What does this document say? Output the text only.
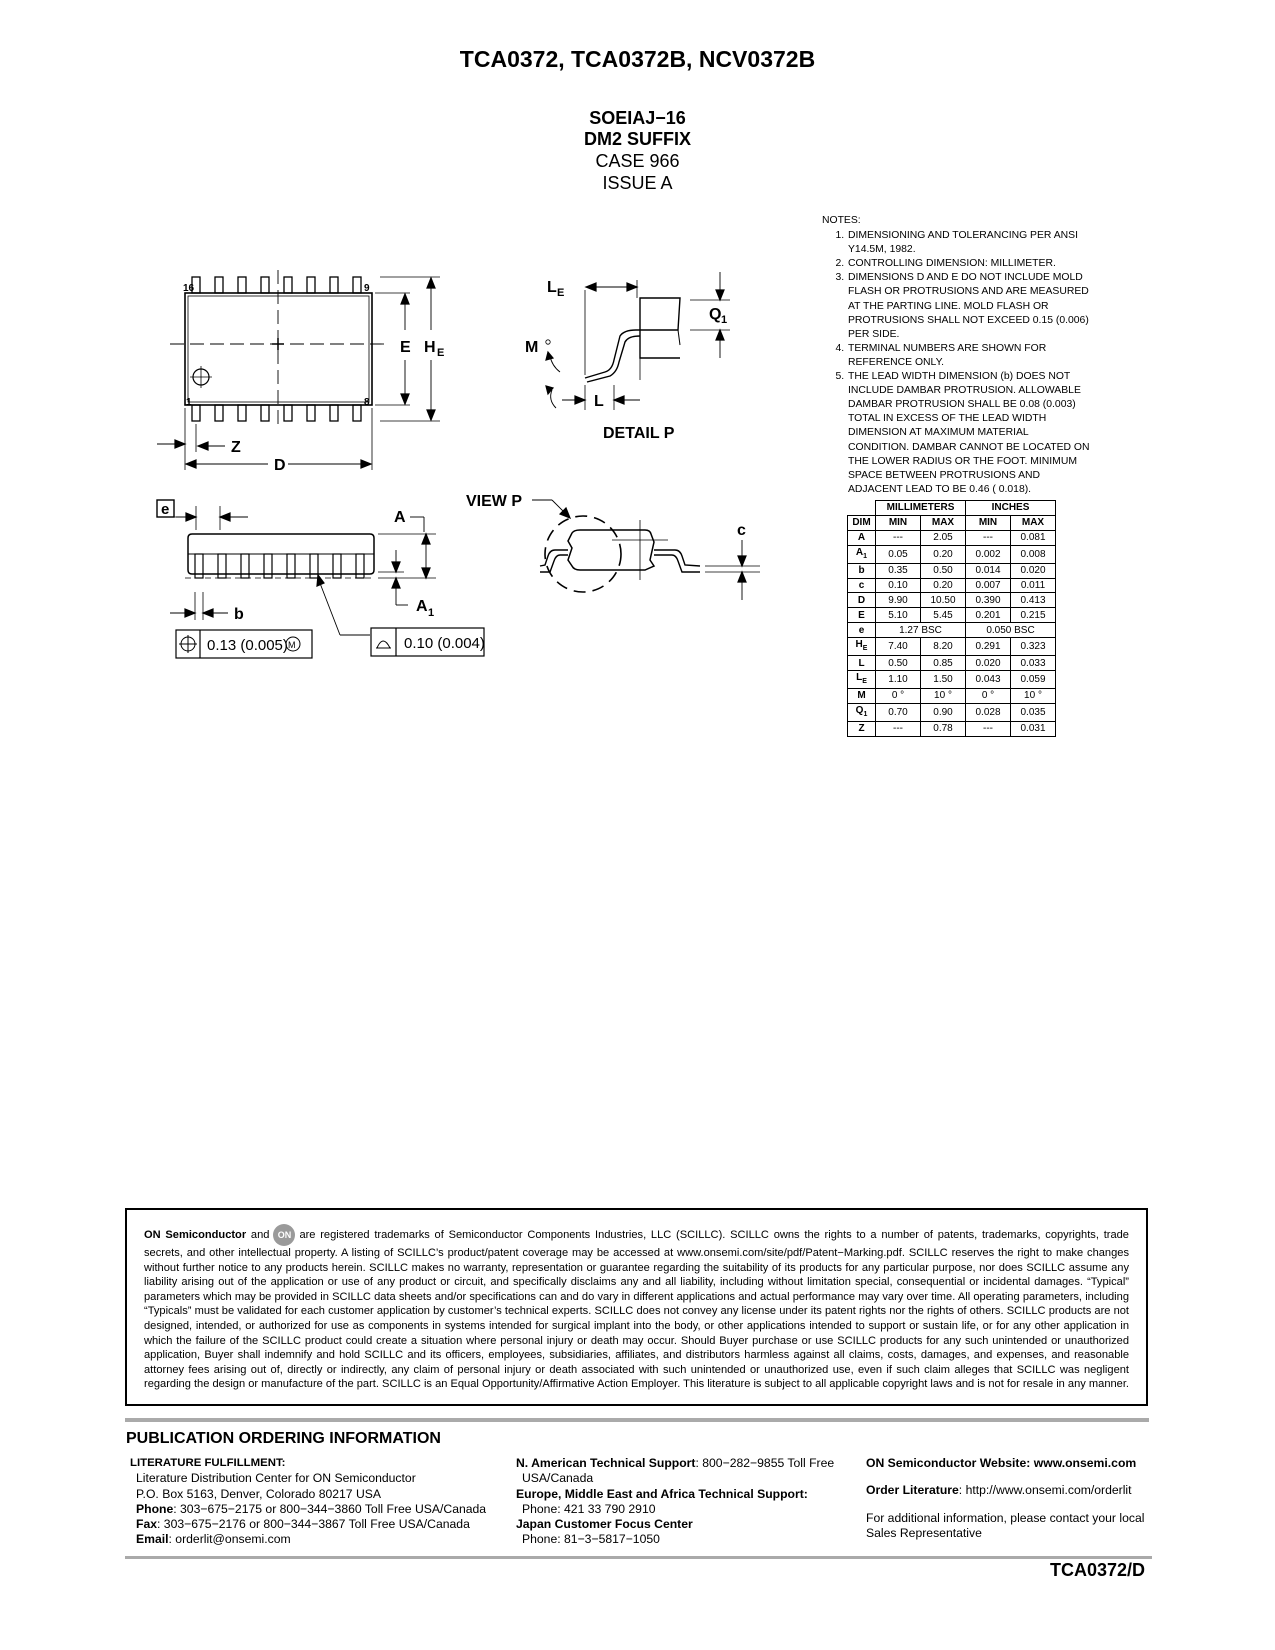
TCA0372, TCA0372B, NCV0372B
SOEIAJ−16
DM2 SUFFIX
CASE 966
ISSUE A
16	9
1	8
E H E
Z
D
L E
Q 1
M
L
DETAIL P
e	A
A 1
b
0.13 (0.005) M	0.10 (0.004)
VIEW P
c
NOTES:
1. DIMENSIONING AND TOLERANCING PER ANSI Y14.5M, 1982.
2. CONTROLLING DIMENSION: MILLIMETER.
3. DIMENSIONS D AND E DO NOT INCLUDE MOLD FLASH OR PROTRUSIONS AND ARE MEASURED AT THE PARTING LINE. MOLD FLASH OR PROTRUSIONS SHALL NOT EXCEED 0.15 (0.006) PER SIDE.
4. TERMINAL NUMBERS ARE SHOWN FOR REFERENCE ONLY.
5. THE LEAD WIDTH DIMENSION (b) DOES NOT INCLUDE DAMBAR PROTRUSION. ALLOWABLE DAMBAR PROTRUSION SHALL BE 0.08 (0.003) TOTAL IN EXCESS OF THE LEAD WIDTH DIMENSION AT MAXIMUM MATERIAL CONDITION. DAMBAR CANNOT BE LOCATED ON THE LOWER RADIUS OR THE FOOT. MINIMUM SPACE BETWEEN PROTRUSIONS AND ADJACENT LEAD TO BE 0.46 ( 0.018).
	MILLIMETERS		INCHES	
DIM	MIN	MAX	MIN	MAX
A	---	2.05	---	0.081
$A_1$	0.05	0.20	0.002	0.008
b	0.35	0.50	0.014	0.020
c	0.10	0.20	0.007	0.011
D	9.90	10.50	0.390	0.413
E	5.10	5.45	0.201	0.215
e	1.27 BSC		0.050 BSC	
$H_E$	7.40	8.20	0.291	0.323
L	0.50	0.85	0.020	0.033
$L_E$	1.10	1.50	0.043	0.059
M	0 °	10 °	0 °	10 °
$Q_1$	0.70	0.90	0.028	0.035
Z	---	0.78	---	0.031
ON Semiconductor and ON are registered trademarks of Semiconductor Components Industries, LLC (SCILLC). SCILLC owns the rights to a number of patents, trademarks, copyrights, trade secrets, and other intellectual property. A listing of SCILLC’s product/patent coverage may be accessed at www.onsemi.com/site/pdf/Patent−Marking.pdf. SCILLC reserves the right to make changes without further notice to any products herein. SCILLC makes no warranty, representation or guarantee regarding the suitability of its products for any particular purpose, nor does SCILLC assume any liability arising out of the application or use of any product or circuit, and specifically disclaims any and all liability, including without limitation special, consequential or incidental damages. “Typical” parameters which may be provided in SCILLC data sheets and/or specifications can and do vary in different applications and actual performance may vary over time. All operating parameters, including “Typicals” must be validated for each customer application by customer’s technical experts. SCILLC does not convey any license under its patent rights nor the rights of others. SCILLC products are not designed, intended, or authorized for use as components in systems intended for surgical implant into the body, or other applications intended to support or sustain life, or for any other application in which the failure of the SCILLC product could create a situation where personal injury or death may occur. Should Buyer purchase or use SCILLC products for any such unintended or unauthorized application, Buyer shall indemnify and hold SCILLC and its officers, employees, subsidiaries, affiliates, and distributors harmless against all claims, costs, damages, and expenses, and reasonable attorney fees arising out of, directly or indirectly, any claim of personal injury or death associated with such unintended or unauthorized use, even if such claim alleges that SCILLC was negligent regarding the design or manufacture of the part. SCILLC is an Equal Opportunity/Affirmative Action Employer. This literature is subject to all applicable copyright laws and is not for resale in any manner.
PUBLICATION ORDERING INFORMATION
LITERATURE FULFILLMENT:
Literature Distribution Center for ON Semiconductor
P.O. Box 5163, Denver, Colorado 80217 USA
Phone: 303−675−2175 or 800−344−3860 Toll Free USA/Canada
Fax: 303−675−2176 or 800−344−3867 Toll Free USA/Canada
Email: orderlit@onsemi.com
N. American Technical Support: 800−282−9855 Toll Free
USA/Canada
Europe, Middle East and Africa Technical Support:
Phone: 421 33 790 2910
Japan Customer Focus Center
Phone: 81−3−5817−1050
ON Semiconductor Website: www.onsemi.com
Order Literature: http://www.onsemi.com/orderlit
For additional information, please contact your local Sales Representative
TCA0372/D
